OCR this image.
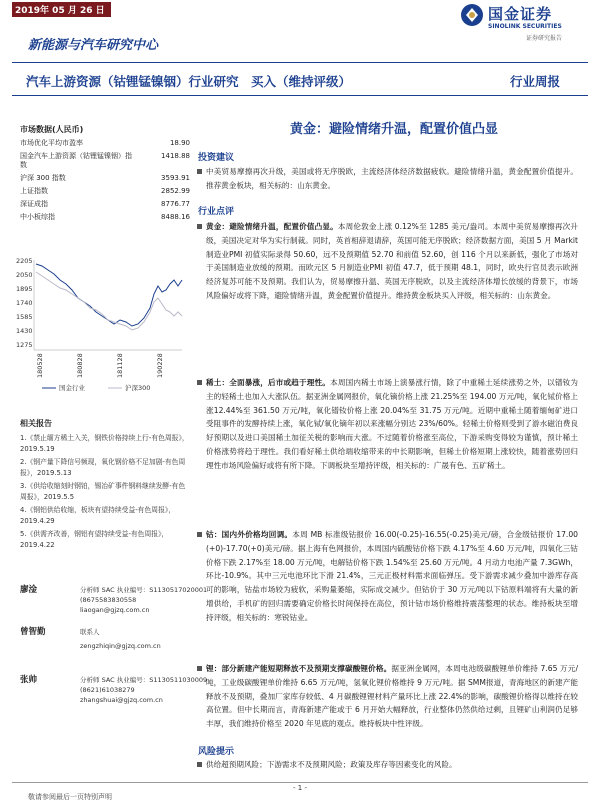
2019年 05 月 26 日	国金证券
SINOLINK SECURITIES
证券研究报告
新能源与汽车研究中心
汽车上游资源（钴锂锰镍铟）行业研究　买入（维持评级）	行业周报
市场数据(人民币)
市场优化平均市盈率	18.90
国金汽车上游资源（钴锂锰镍铟）指数
1418.88
沪深 300 指数	3593.91
上证指数	2852.99
深证成指	8776.77
中小板综指	8488.16
2205
2050
1895
1740
1585
1430
1275
180528	180828	181128	190228
国金行业	沪深300
相关报告
1.《禁止缅方稀土入关，钢铁价格持续上行-有色周报》，2019.5.19
2.《钢产量下降信号频现，氧化钢价格不足加剧-有色周报》，2019.5.13
3.《供给收缩刻时钢铂，锡冶矿事件钢料继续发酵-有色周报》，2019.5.5
4.《钢铝供给收缩，板块有望持续受益-有色周报》，2019.4.29
5.《供需齐改善，钢铝有望持续受益-有色周报》，2019.4.22
廖淦	分析师 SAC 执业编号：S1130517020001
(8675583830558
liaogan@gjzq.com.cn
曾智勤	联系人
zengzhiqin@gjzq.com.cn
张帅	分析师 SAC 执业编号：S1130511030009
(8621)61038279
zhangshuai@gjzq.com.cn
黄金：避险情绪升温，配置价值凸显
投资建议
中美贸易摩擦再次升级，美国或将无序脱欧，主流经济体经济数据疲软。避险情绪升温，黄金配置价值提升。推荐黄金板块，相关标的：山东黄金。
行业点评
黄金：避险情绪升温，配置价值凸显。本周伦敦金上涨 0.12%至 1285 美元/盎司。本周中美贸易摩擦再次升级，美国决定对华为实行制裁。同时，英首相辞退请辞，英国可能无序脱欧；经济数据方面，美国 5 月 Markit 制造业PMI 初值实际录得 50.60，远不及预期值 52.70 和前值 52.60，创 116 个月以来新低，强化了市场对于美国制造业放缓的预期。而欧元区 5 月制造业PMI 初值 47.7，低于预期 48.1，同时，欧央行官员表示欧洲经济复苏可能不及预期。我们认为，贸易摩擦升温、英国无序脱欧，以及主流经济体增长放缓的背景下，市场风险偏好或将下降，避险情绪升温，黄金配置价值提升。维持黄金板块买入评级，相关标的：山东黄金。
稀土：全面暴涨，后市或趋于理性。本周国内稀土市场上演暴涨行情，除了中重稀土延续涨势之外，以镨钕为主的轻稀土也加入大涨队伍。据亚洲金属网报价，氧化镝价格上涨 21.25%至 194.00 万元/吨，氧化铽价格上涨12.44%至 361.50 万元/吨，氧化镨钕价格上涨 20.04%至 31.75 万元/吨。近期中重稀土随着缅甸矿进口受阻事件的发酵持续上涨，氧化铽/氧化镝年初以来涨幅分别达 23%/60%。轻稀土价格则受到了游水磁泊费良好预期以及进口美国稀土加征关税的影响而大涨。不过随着价格涨至高位，下游采购变得较为谨慎，预计稀土价格涨势将趋于理性。我们看好稀土供给端收缩带来的中长期影响，但稀土价格短期上涨较快，随着涨势回归理性市场风险偏好或将有所下降。下调板块至增持评级，相关标的：广晟有色、五矿稀土。
钴：国内外价格均回调。本周 MB 标准级钴报价 16.00(-0.25)-16.55(-0.25)美元/磅，合金级钴报价 17.00(+0)-17.70(+0)美元/磅。据上海有色网报价，本周国内硫酸钴价格下跌 4.17%至 4.60 万元/吨，四氧化三钴价格下跌 2.17%至 18.00 万元/吨，电解钴价格下跌 1.54%至 25.60 万元/吨。4 月动力电池产量 7.3GWh，环比-10.9%。其中三元电池环比下滑 21.4%，三元正极材料需求面临弹压。受下游需求减少叠加中游库存高可的影响，钴盐市场较为疲软，采购量萎缩，实际成交减少。但钴价于 30 万元/吨以下钴原料端将有大量的新增供给，手机矿的回归需要确定价格长时间保持在高位，预计钴市场价格维持震荡整理的状态。维持板块至增持评级，相关标的：寒锐钴业。
锂：部分新建产能短期释放不及预期支撑碳酸锂价格。据亚洲金属网，本周电池级碳酸锂单价维持 7.65 万元/吨，工业级碳酸锂单价维持 6.65 万元/吨，氢氧化锂价格维持 9 万元/吨。据 SMM报道，青海地区的新建产能释放不及预期，叠加厂家库存较低、4 月碳酸锂锂材料产量环比上涨 22.4%的影响，碳酸锂价格得以维持在较高位置。但中长期而言，青海新建产能或于 6 月开始大幅释放，行业整体仍然供给过剩，且锂矿山利润仍足够丰厚，我们维持价格至 2020 年见底的观点。维持板块中性评级。
风险提示
供给超预期风险；下游需求不及预期风险；政策及库存等因素变化的风险。
- 1 -
敬请参阅最后一页特别声明
